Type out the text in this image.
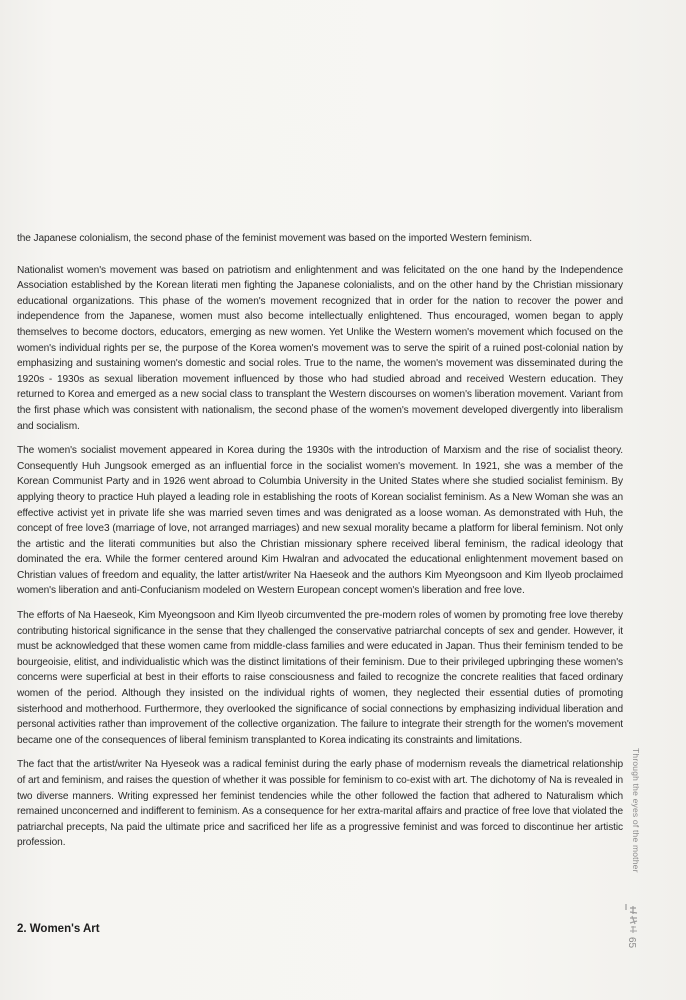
the Japanese colonialism, the second phase of the feminist movement was based on the imported Western feminism.

Nationalist women's movement was based on patriotism and enlightenment and was felicitated on the one hand by the Independence Association established by the Korean literati men fighting the Japanese colonialists, and on the other hand by the Christian missionary educational organizations. This phase of the women's movement recognized that in order for the nation to recover the power and independence from the Japanese, women must also become intellectually enlightened. Thus encouraged, women began to apply themselves to become doctors, educators, emerging as new women. Yet Unlike the Western women's movement which focused on the women's individual rights per se, the purpose of the Korea women's movement was to serve the spirit of a ruined post-colonial nation by emphasizing and sustaining women's domestic and social roles. True to the name, the women's movement was disseminated during the 1920s - 1930s as sexual liberation movement influenced by those who had studied abroad and received Western education. They returned to Korea and emerged as a new social class to transplant the Western discourses on women's liberation movement. Variant from the first phase which was consistent with nationalism, the second phase of the women's movement developed divergently into liberalism and socialism.

The women's socialist movement appeared in Korea during the 1930s with the introduction of Marxism and the rise of socialist theory. Consequently Huh Jungsook emerged as an influential force in the socialist women's movement. In 1921, she was a member of the Korean Communist Party and in 1926 went abroad to Columbia University in the United States where she studied socialist feminism. By applying theory to practice Huh played a leading role in establishing the roots of Korean socialist feminism. As a New Woman she was an effective activist yet in private life she was married seven times and was denigrated as a loose woman. As demonstrated with Huh, the concept of free love3 (marriage of love, not arranged marriages) and new sexual morality became a platform for liberal feminism. Not only the artistic and the literati communities but also the Christian missionary sphere received liberal feminism, the radical ideology that dominated the era. While the former centered around Kim Hwalran and advocated the educational enlightenment movement based on Christian values of freedom and equality, the latter artist/writer Na Haeseok and the authors Kim Myeongsoon and Kim Ilyeob proclaimed women's liberation and anti-Confucianism modeled on Western European concept women's liberation and free love.

The efforts of Na Haeseok, Kim Myeongsoon and Kim Ilyeob circumvented the pre-modern roles of women by promoting free love thereby contributing historical significance in the sense that they challenged the conservative patriarchal concepts of sex and gender. However, it must be acknowledged that these women came from middle-class families and were educated in Japan. Thus their feminism tended to be bourgeoisie, elitist, and individualistic which was the distinct limitations of their feminism. Due to their privileged upbringing these women's concerns were superficial at best in their efforts to raise consciousness and failed to recognize the concrete realities that faced ordinary women of the period. Although they insisted on the individual rights of women, they neglected their essential duties of promoting sisterhood and motherhood. Furthermore, they overlooked the significance of social connections by emphasizing individual liberation and personal activities rather than improvement of the collective organization. The failure to integrate their strength for the women's movement became one of the consequences of liberal feminism transplanted to Korea indicating its constraints and limitations.

The fact that the artist/writer Na Hyeseok was a radical feminist during the early phase of modernism reveals the diametrical relationship of art and feminism, and raises the question of whether it was possible for feminism to co-exist with art. The dichotomy of Na is revealed in two diverse manners. Writing expressed her feminist tendencies while the other followed the faction that adhered to Naturalism which remained unconcerned and indifferent to feminism. As a consequence for her extra-marital affairs and practice of free love that violated the patriarchal precepts, Na paid the ultimate price and sacrificed her life as a progressive feminist and was forced to discontinue her artistic profession.

2. Women's Art
Through the eyes of the mother
65
